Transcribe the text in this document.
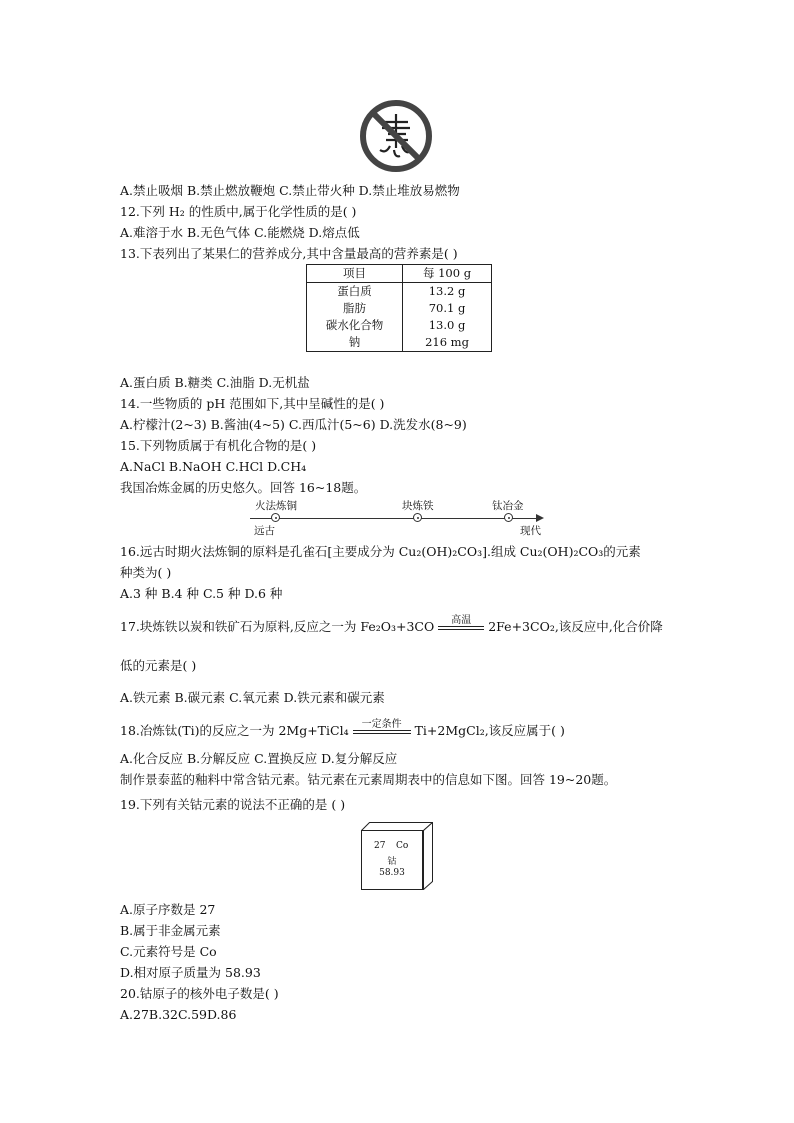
A.禁止吸烟 B.禁止燃放鞭炮 C.禁止带火种 D.禁止堆放易燃物
12.下列 H₂ 的性质中,属于化学性质的是( )
A.难溶于水 B.无色气体 C.能燃烧 D.熔点低
13.下表列出了某果仁的营养成分,其中含量最高的营养素是( )
项目	每 100 g
蛋白质	13.2 g
脂肪	70.1 g
碳水化合物	13.0 g
钠	216 mg
A.蛋白质 B.糖类 C.油脂 D.无机盐
14.一些物质的 pH 范围如下,其中呈碱性的是( )
A.柠檬汁(2~3) B.酱油(4~5) C.西瓜汁(5~6) D.洗发水(8~9)
15.下列物质属于有机化合物的是( )
A.NaCl B.NaOH C.HCl D.CH₄
我国冶炼金属的历史悠久。回答 16~18题。
火法炼铜	块炼铁	钛冶金
远古	现代
16.远古时期火法炼铜的原料是孔雀石[主要成分为 Cu₂(OH)₂CO₃].组成 Cu₂(OH)₂CO₃的元素
种类为( )
A.3 种 B.4 种 C.5 种 D.6 种
17.块炼铁以炭和铁矿石为原料,反应之一为 Fe₂O₃+3CO	高温	2Fe+3CO₂,该反应中,化合价降
低的元素是( )
A.铁元素 B.碳元素 C.氧元素 D.铁元素和碳元素
18.冶炼钛(Ti)的反应之一为 2Mg+TiCl₄	一定条件	Ti+2MgCl₂,该反应属于( )
A.化合反应 B.分解反应 C.置换反应 D.复分解反应
制作景泰蓝的釉料中常含钴元素。钴元素在元素周期表中的信息如下图。回答 19~20题。
19.下列有关钴元素的说法不正确的是 ( )
27 Co
钴
58.93
A.原子序数是 27
B.属于非金属元素
C.元素符号是 Co
D.相对原子质量为 58.93
20.钴原子的核外电子数是( )
A.27B.32C.59D.86
